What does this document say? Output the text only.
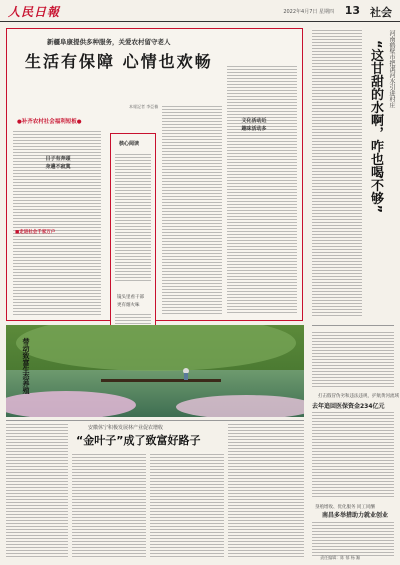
人民日報	2022年4月7日 星期四 13 社会
新疆阜康提供多种服务，关爱农村留守老人
生活有保障 心情也欢畅
本報記者 李亞楠
●补齐农村社会福利短板●
日子有奔頭
身邊不寂寞
■走进社会千家万户
文化活动近
趣味活动多
核心阅读
镜头里看干部
更有烟火味
河南鹤壁市把淇河水引进村庄
“这甘甜的水啊，咋也喝不够”
带动致富生态养殖
打击假冒伪劣和违法违规，护航黄河流域
去年追回医保资金234亿元
垦殖增收、优化服务 同工同酬
南昌多举措助力就业创业
安徽休宁积极发展林产业促农增收
“金叶子”成了致富好路子
责任编辑：陈 郁 杨 瀚
